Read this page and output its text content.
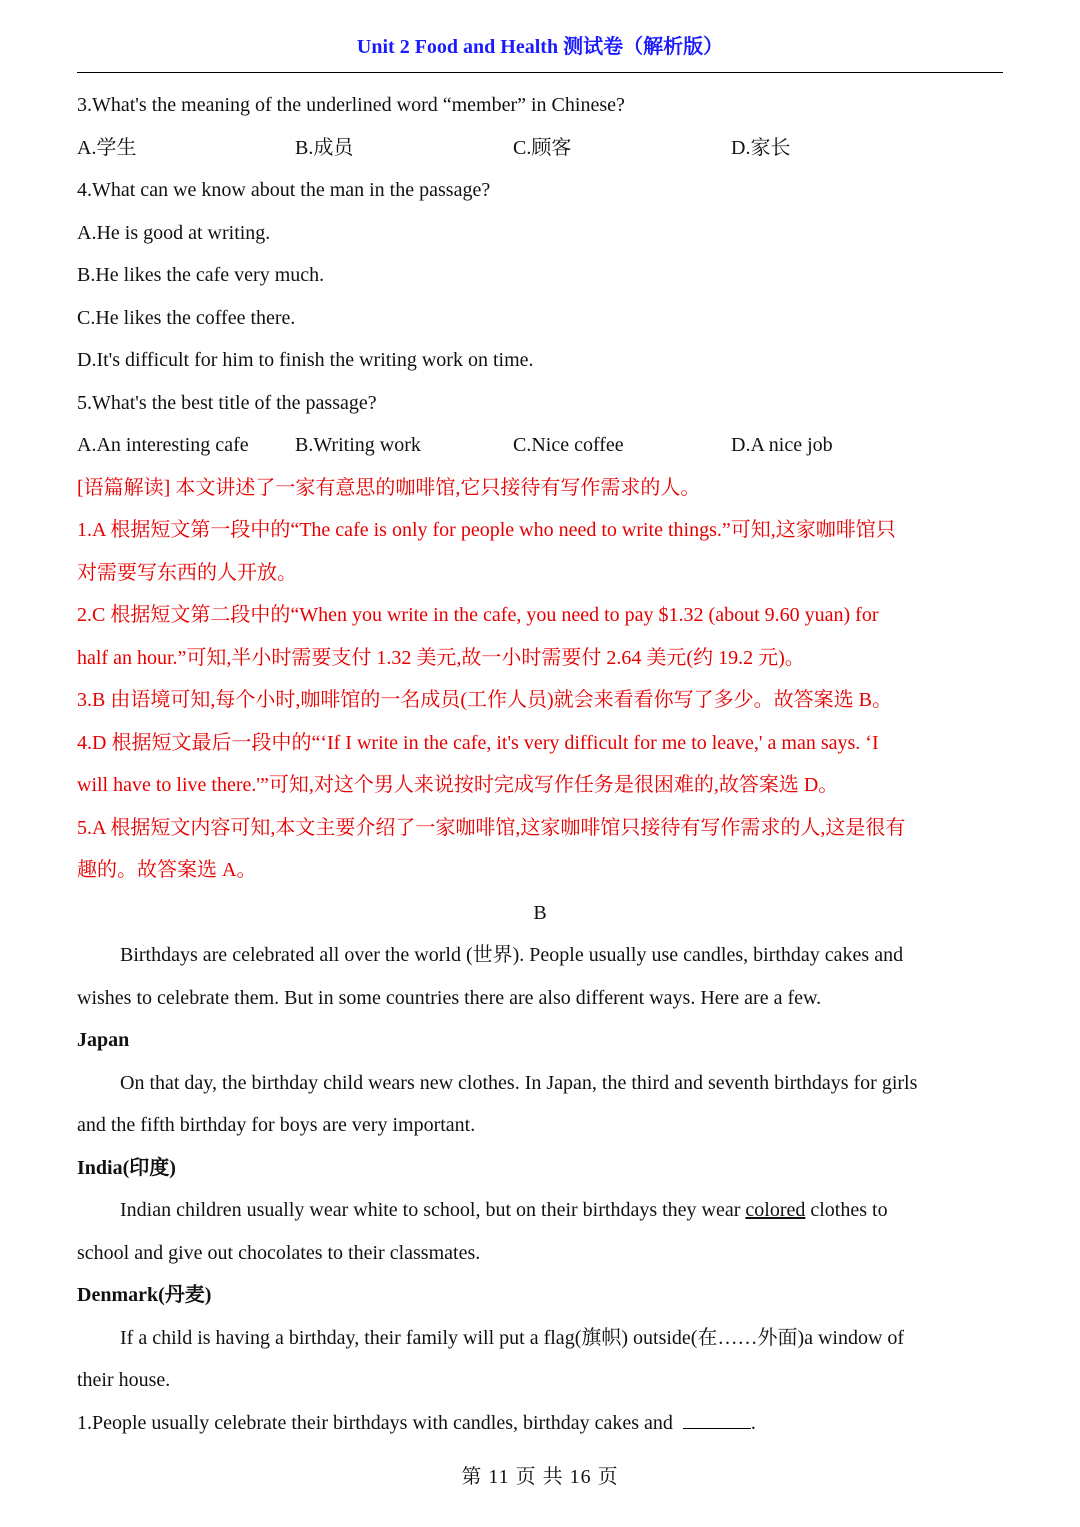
Unit 2 Food and Health 测试卷（解析版）
3.What's the meaning of the underlined word “member” in Chinese?
A.学生	B.成员	C.顾客	D.家长
4.What can we know about the man in the passage?
A.He is good at writing.
B.He likes the cafe very much.
C.He likes the coffee there.
D.It's difficult for him to finish the writing work on time.
5.What's the best title of the passage?
A.An interesting cafe	B.Writing work	C.Nice coffee	D.A nice job
[语篇解读] 本文讲述了一家有意思的咖啡馆,它只接待有写作需求的人。
1.A 根据短文第一段中的“The cafe is only for people who need to write things.”可知,这家咖啡馆只
对需要写东西的人开放。
2.C 根据短文第二段中的“When you write in the cafe, you need to pay $1.32 (about 9.60 yuan) for
half an hour.”可知,半小时需要支付 1.32 美元,故一小时需要付 2.64 美元(约 19.2 元)。
3.B 由语境可知,每个小时,咖啡馆的一名成员(工作人员)就会来看看你写了多少。故答案选 B。
4.D 根据短文最后一段中的“‘If I write in the cafe, it's very difficult for me to leave,' a man says. ‘I
will have to live there.'”可知,对这个男人来说按时完成写作任务是很困难的,故答案选 D。
5.A 根据短文内容可知,本文主要介绍了一家咖啡馆,这家咖啡馆只接待有写作需求的人,这是很有
趣的。故答案选 A。
B
Birthdays are celebrated all over the world (世界). People usually use candles, birthday cakes and
wishes to celebrate them. But in some countries there are also different ways. Here are a few.
Japan
On that day, the birthday child wears new clothes. In Japan, the third and seventh birthdays for girls
and the fifth birthday for boys are very important.
India(印度)
Indian children usually wear white to school, but on their birthdays they wear colored clothes to
school and give out chocolates to their classmates.
Denmark(丹麦)
If a child is having a birthday, their family will put a flag(旗帜) outside(在……外面)a window of
their house.
1.People usually celebrate their birthdays with candles, birthday cakes and	.
第 11 页 共 16 页
